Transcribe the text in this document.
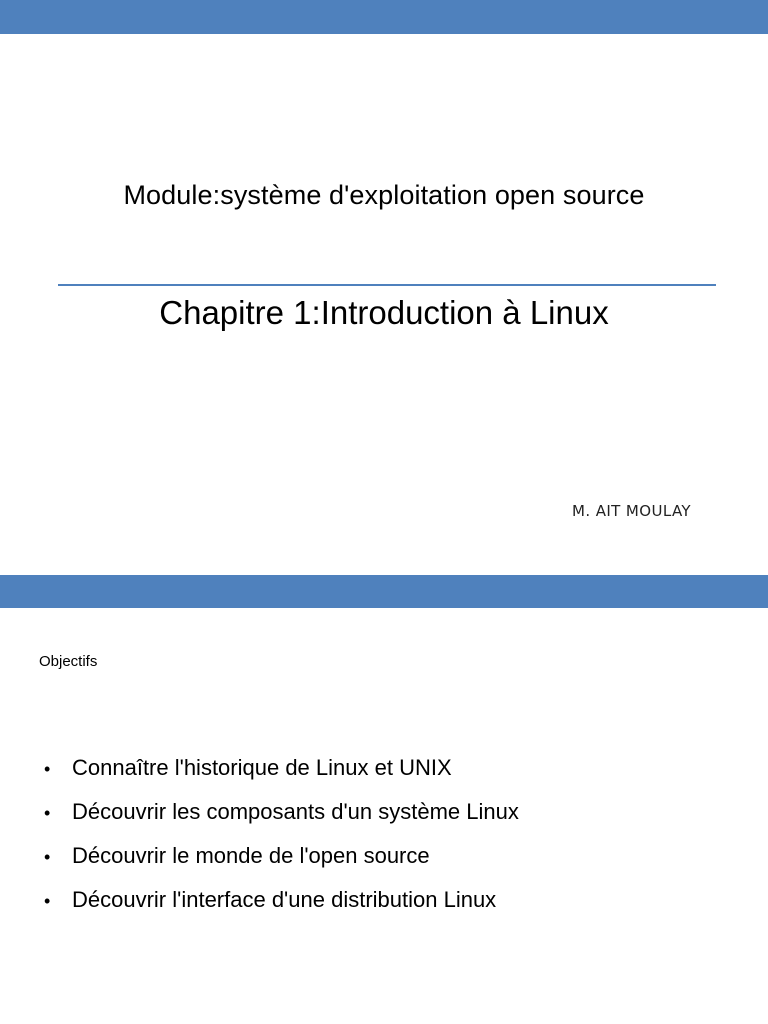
Module:système d'exploitation open source
Chapitre 1:Introduction à Linux
M. AIT MOULAY
Objectifs
• Connaître l'historique de Linux et UNIX
• Découvrir les composants d'un système Linux
• Découvrir le monde de l'open source
• Découvrir l'interface d'une distribution Linux
